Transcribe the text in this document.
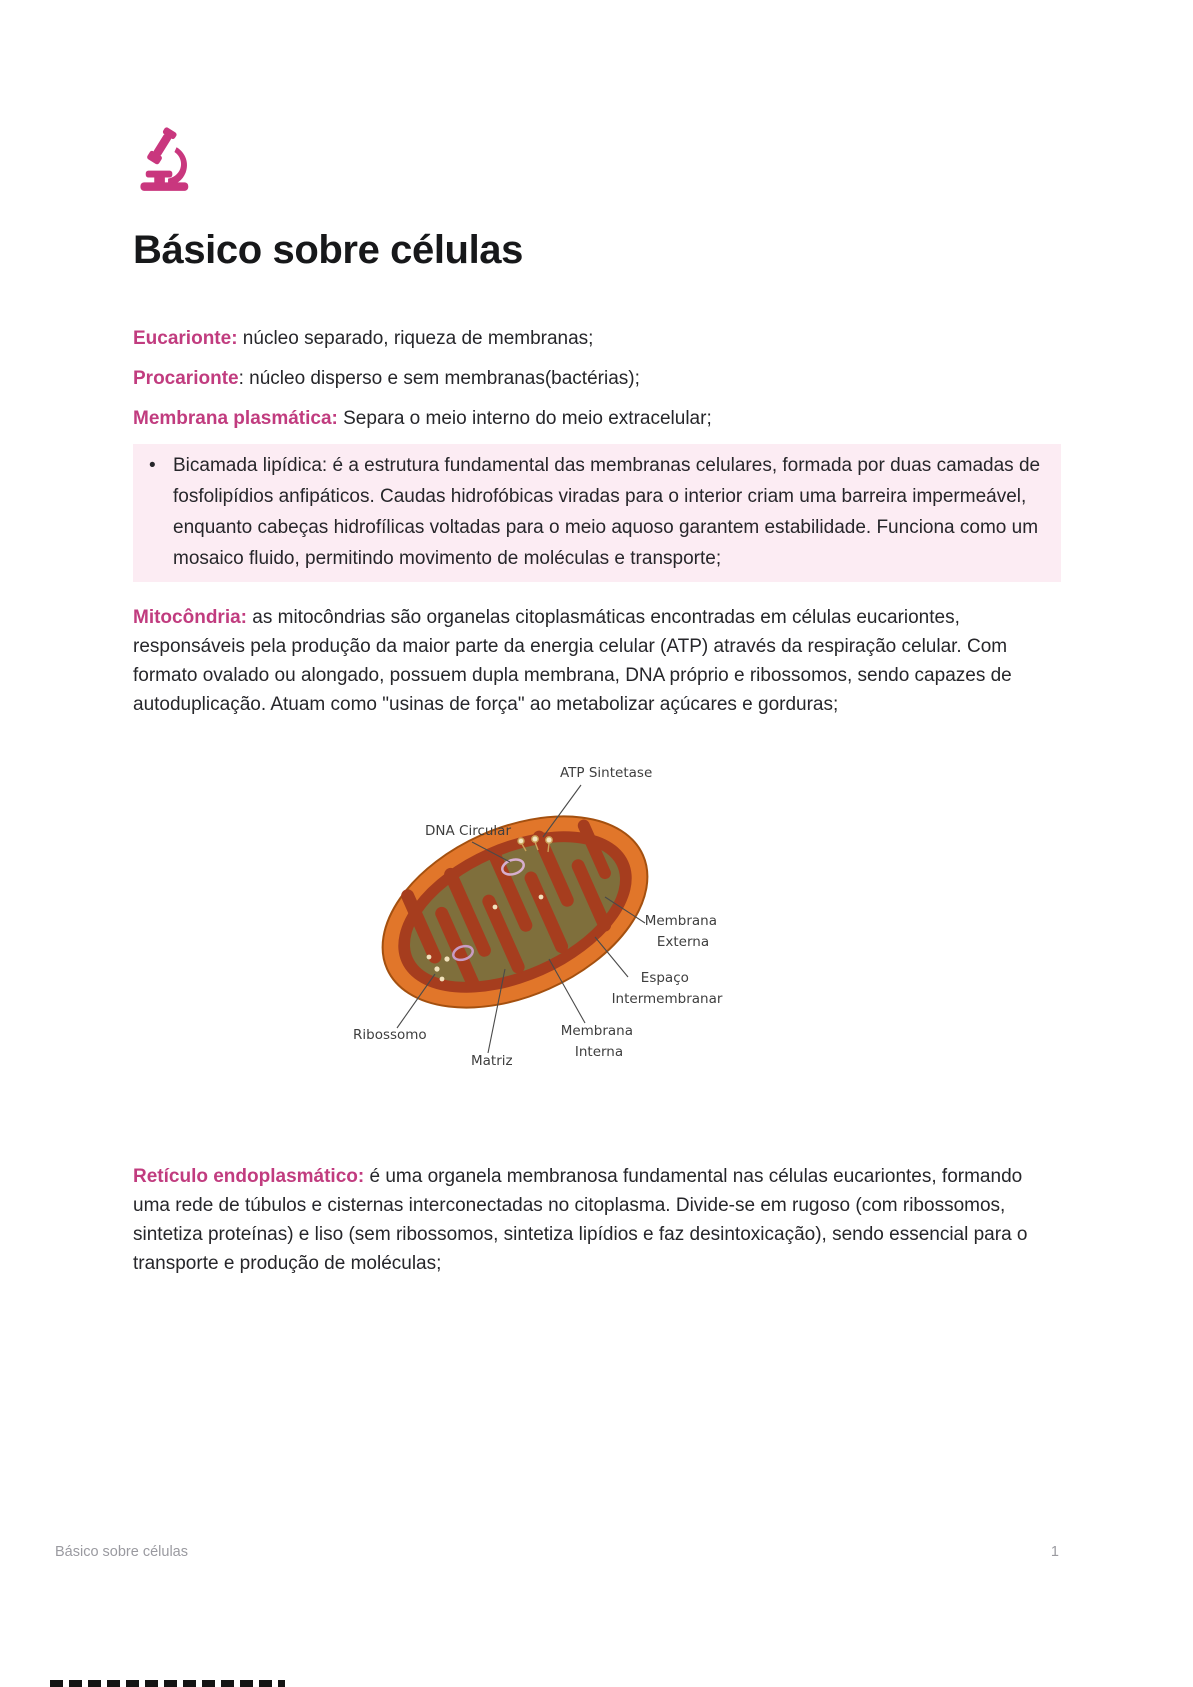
Básico sobre células

Eucarionte: núcleo separado, riqueza de membranas;

Procarionte: núcleo disperso e sem membranas(bactérias);

Membrana plasmática: Separa o meio interno do meio extracelular;

• Bicamada lipídica: é a estrutura fundamental das membranas celulares, formada por duas camadas de fosfolipídios anfipáticos. Caudas hidrofóbicas viradas para o interior criam uma barreira impermeável, enquanto cabeças hidrofílicas voltadas para o meio aquoso garantem estabilidade. Funciona como um mosaico fluido, permitindo movimento de moléculas e transporte;

Mitocôndria: as mitocôndrias são organelas citoplasmáticas encontradas em células eucariontes, responsáveis pela produção da maior parte da energia celular (ATP) através da respiração celular. Com formato ovalado ou alongado, possuem dupla membrana, DNA próprio e ribossomos, sendo capazes de autoduplicação. Atuam como "usinas de força" ao metabolizar açúcares e gorduras;

ATP Sintetase
DNA Circular
Membrana Externa
Espaço Intermembranar
Membrana Interna
Matriz
Ribossomo

Retículo endoplasmático: é uma organela membranosa fundamental nas células eucariontes, formando uma rede de túbulos e cisternas interconectadas no citoplasma. Divide-se em rugoso (com ribossomos, sintetiza proteínas) e liso (sem ribossomos, sintetiza lipídios e faz desintoxicação), sendo essencial para o transporte e produção de moléculas;

Básico sobre células	1
